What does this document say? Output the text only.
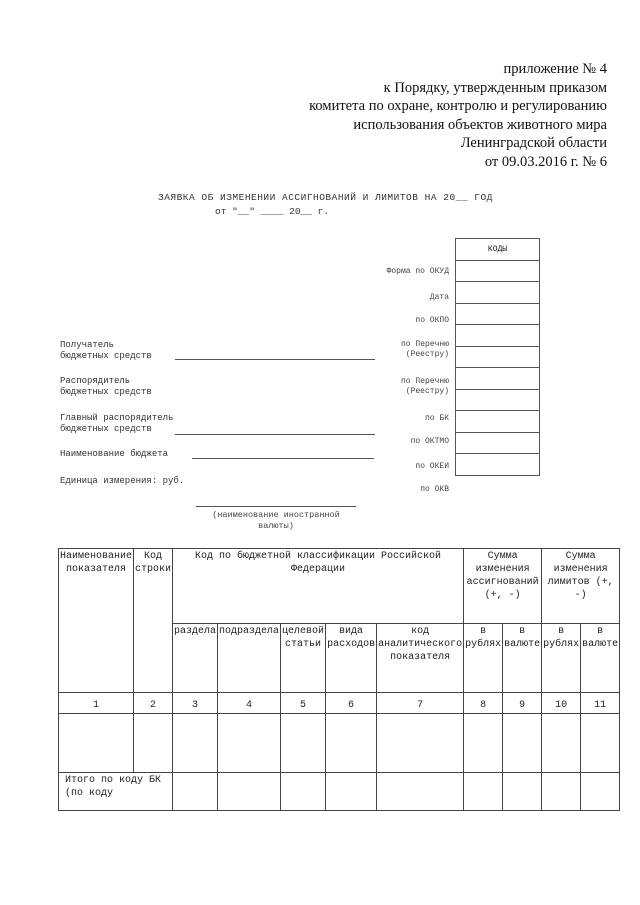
приложение № 4
к Порядку, утвержденным приказом
комитета по охране, контролю и регулированию
использования объектов животного мира
Ленинградской области
от 09.03.2016 г. № 6
ЗАЯВКА ОБ ИЗМЕНЕНИИ АССИГНОВАНИЙ И ЛИМИТОВ НА 20__ ГОД
от "__" ____ 20__ г.
КОДЫ

Форма по ОКУД
Дата
по ОКПО
по Перечню (Реестру)
по Перечню (Реестру)
по БК
по ОКТМО
по ОКЕИ
по ОКВ
Получатель
бюджетных средств
Распорядитель
бюджетных средств
Главный распорядитель
бюджетных средств
Наименование бюджета
Единица измерения: руб.
(наименование иностранной валюты)
Наименование показателя	Код строки	Код по бюджетной классификации Российской Федерации					Сумма изменения ассигнований (+, -)		Сумма изменения лимитов (+, -)	
		раздела	подраздела	целевой статьи	вида расходов	код аналитического показателя	в рублях	в валюте	в рублях	в валюте
1	2	3	4	5	6	7	8	9	10	11

Итого по коду БК (по коду										
